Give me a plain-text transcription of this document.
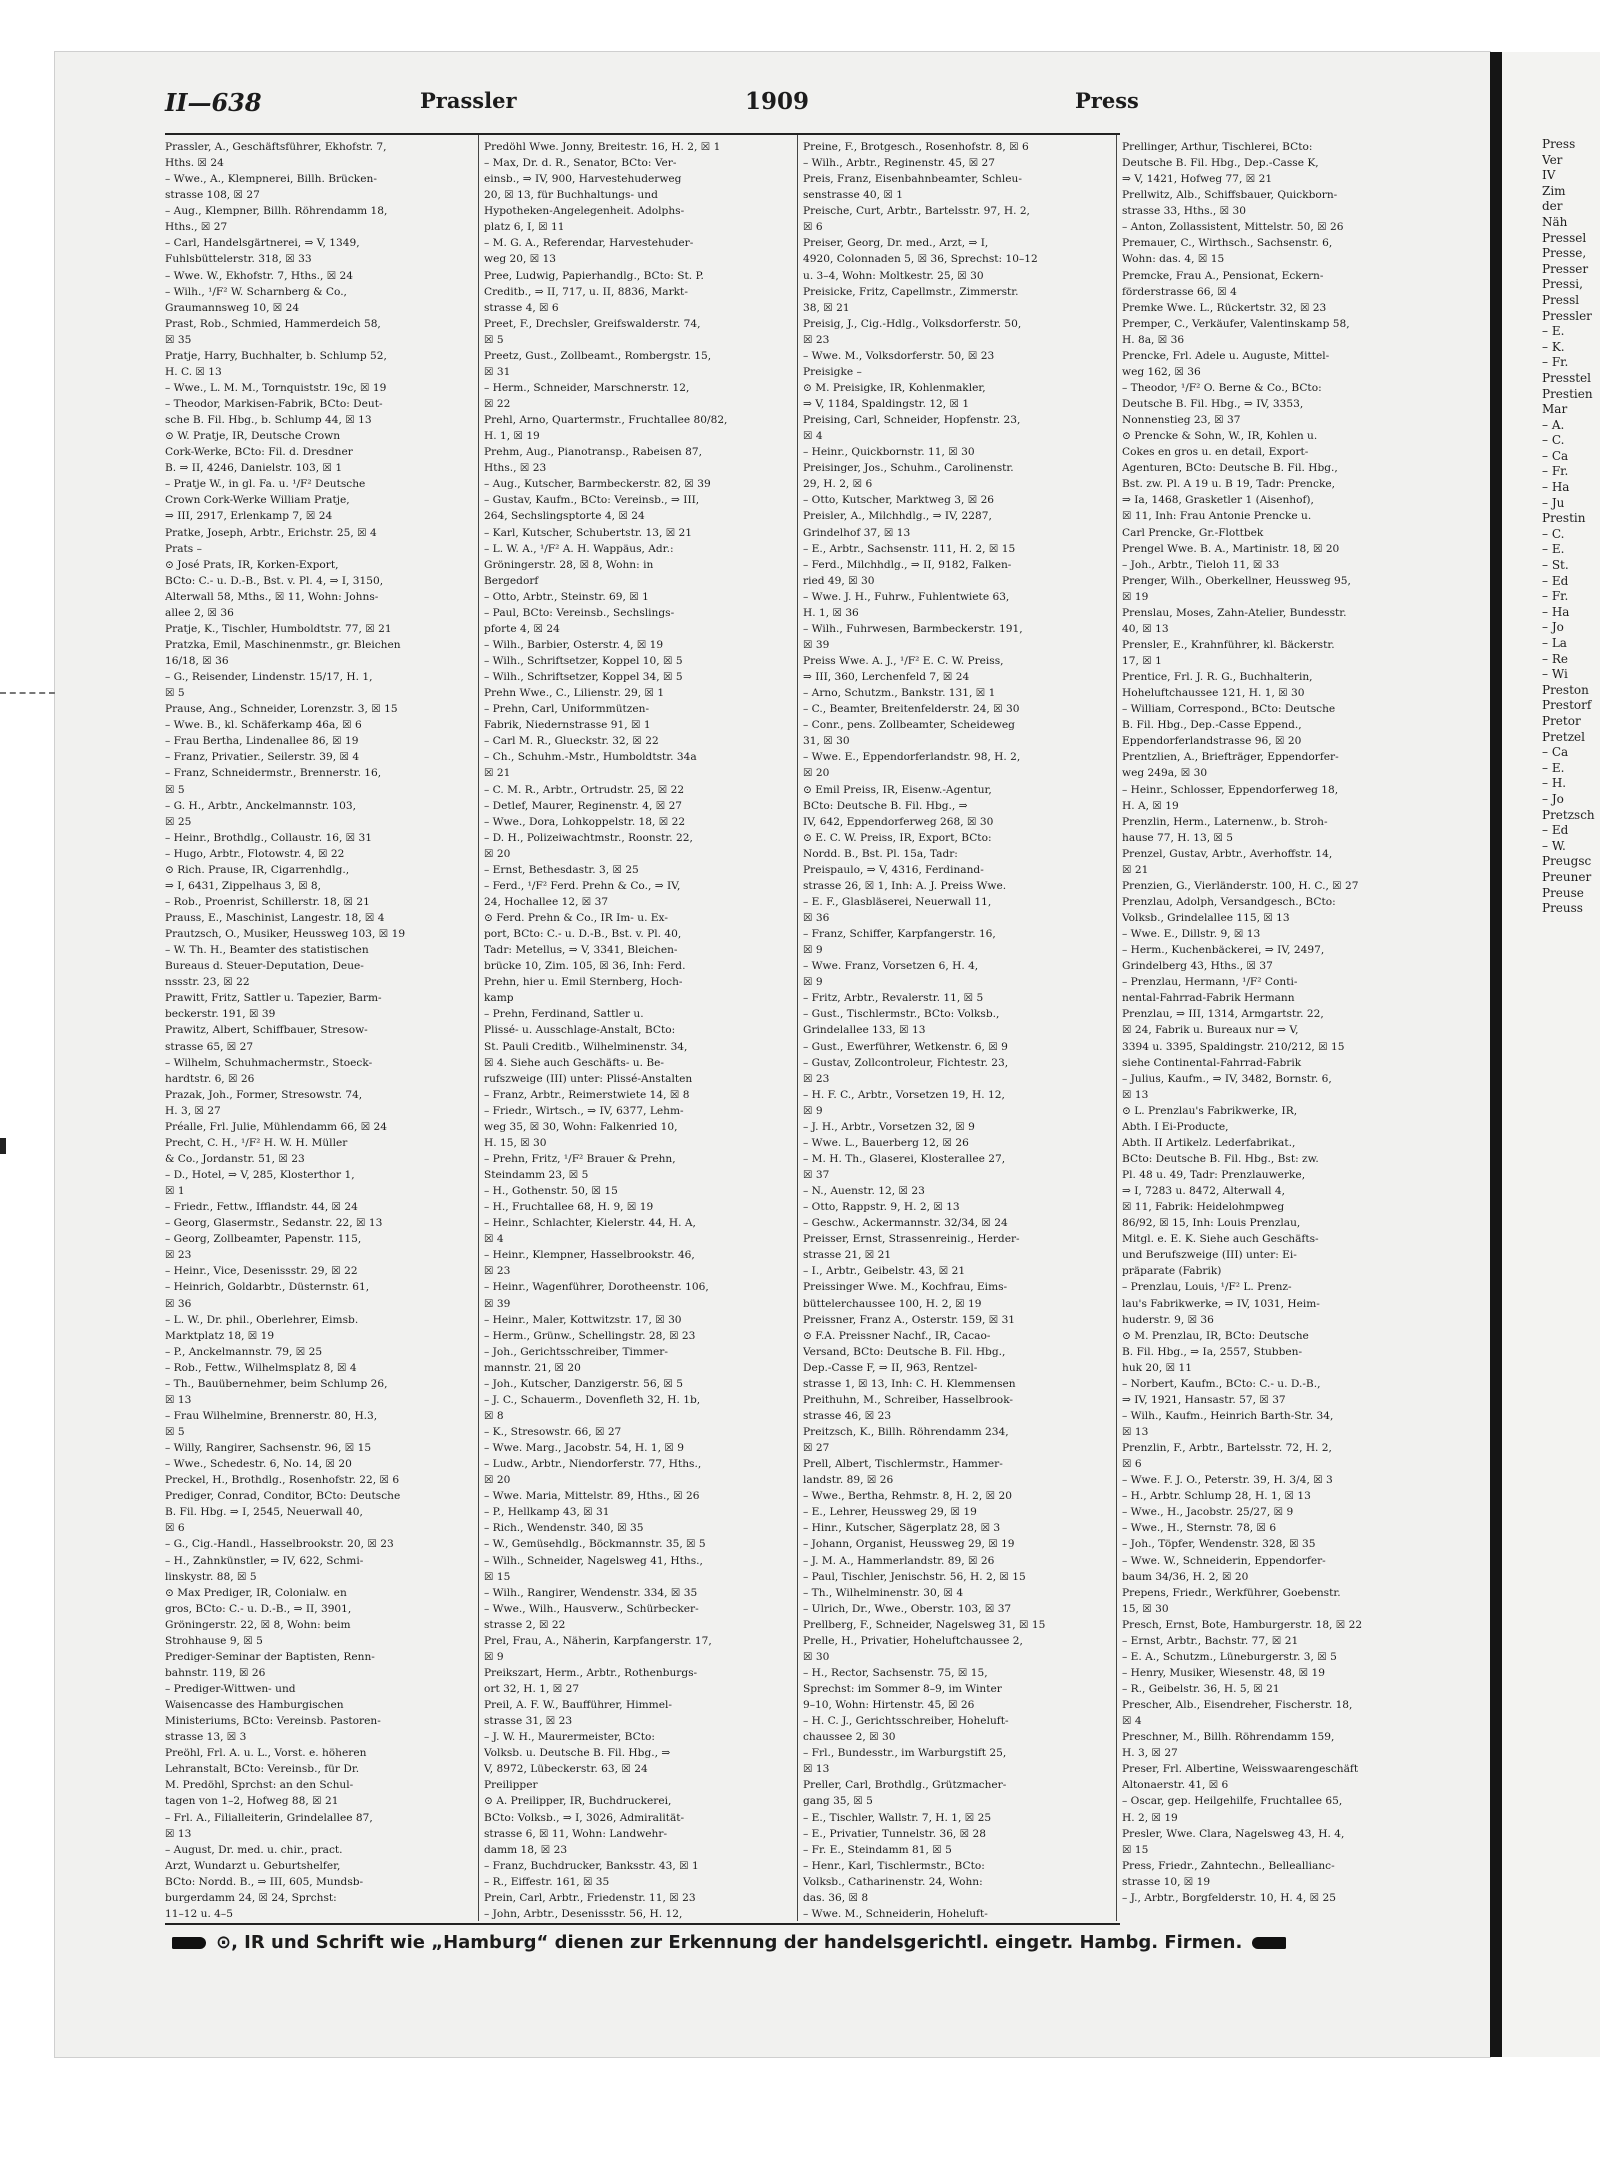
Press
Ver
IV
Zim
der
Näh
Pressel
Presse,
Presser
Pressi,
Pressl
Pressler
– E.
– K.
– Fr.
Presstel
Prestien
Mar
– A.
– C.
– Ca
– Fr.
– Ha
– Ju
Prestin
– C.
– E.
– St.
– Ed
– Fr.
– Ha
– Jo
– La
– Re
– Wi
Preston
Prestorf
Pretor
Pretzel
– Ca
– E.
– H.
– Jo
Pretzsch
– Ed
– W.
Preugsc
Preuner
Preuse
Preuss
II—638	Prassler	1909	Press
Prassler, A., Geschäftsführer, Ekhofstr. 7,
Hths. ☒ 24
– Wwe., A., Klempnerei, Billh. Brücken-
strasse 108, ☒ 27
– Aug., Klempner, Billh. Röhrendamm 18,
Hths., ☒ 27
– Carl, Handelsgärtnerei, ⇒ V, 1349,
Fuhlsbüttelerstr. 318, ☒ 33
– Wwe. W., Ekhofstr. 7, Hths., ☒ 24
– Wilh., ¹/F² W. Scharnberg & Co.,
Graumannsweg 10, ☒ 24
Prast, Rob., Schmied, Hammerdeich 58,
☒ 35
Pratje, Harry, Buchhalter, b. Schlump 52,
H. C. ☒ 13
– Wwe., L. M. M., Tornquiststr. 19c, ☒ 19
– Theodor, Markisen-Fabrik, BCto: Deut-
sche B. Fil. Hbg., b. Schlump 44, ☒ 13
⊙ W. Pratje, IR, Deutsche Crown
Cork-Werke, BCto: Fil. d. Dresdner
B. ⇒ II, 4246, Danielstr. 103, ☒ 1
– Pratje W., in gl. Fa. u. ¹/F² Deutsche
Crown Cork-Werke William Pratje,
⇒ III, 2917, Erlenkamp 7, ☒ 24
Pratke, Joseph, Arbtr., Erichstr. 25, ☒ 4
Prats –
⊙ José Prats, IR, Korken-Export,
BCto: C.- u. D.-B., Bst. v. Pl. 4, ⇒ I, 3150,
Alterwall 58, Mths., ☒ 11, Wohn: Johns-
allee 2, ☒ 36
Pratje, K., Tischler, Humboldtstr. 77, ☒ 21
Pratzka, Emil, Maschinenmstr., gr. Bleichen
16/18, ☒ 36
– G., Reisender, Lindenstr. 15/17, H. 1,
☒ 5
Prause, Ang., Schneider, Lorenzstr. 3, ☒ 15
– Wwe. B., kl. Schäferkamp 46a, ☒ 6
– Frau Bertha, Lindenallee 86, ☒ 19
– Franz, Privatier., Seilerstr. 39, ☒ 4
– Franz, Schneidermstr., Brennerstr. 16,
☒ 5
– G. H., Arbtr., Anckelmannstr. 103,
☒ 25
– Heinr., Brothdlg., Collaustr. 16, ☒ 31
– Hugo, Arbtr., Flotowstr. 4, ☒ 22
⊙ Rich. Prause, IR, Cigarrenhdlg.,
⇒ I, 6431, Zippelhaus 3, ☒ 8,
– Rob., Proenrist, Schillerstr. 18, ☒ 21
Prauss, E., Maschinist, Langestr. 18, ☒ 4
Prautzsch, O., Musiker, Heussweg 103, ☒ 19
– W. Th. H., Beamter des statistischen
Bureaus d. Steuer-Deputation, Deue-
nssstr. 23, ☒ 22
Prawitt, Fritz, Sattler u. Tapezier, Barm-
beckerstr. 191, ☒ 39
Prawitz, Albert, Schiffbauer, Stresow-
strasse 65, ☒ 27
– Wilhelm, Schuhmachermstr., Stoeck-
hardtstr. 6, ☒ 26
Prazak, Joh., Former, Stresowstr. 74,
H. 3, ☒ 27
Préalle, Frl. Julie, Mühlendamm 66, ☒ 24
Precht, C. H., ¹/F² H. W. H. Müller
& Co., Jordanstr. 51, ☒ 23
– D., Hotel, ⇒ V, 285, Klosterthor 1,
☒ 1
– Friedr., Fettw., Ifflandstr. 44, ☒ 24
– Georg, Glasermstr., Sedanstr. 22, ☒ 13
– Georg, Zollbeamter, Papenstr. 115,
☒ 23
– Heinr., Vice, Desenissstr. 29, ☒ 22
– Heinrich, Goldarbtr., Düsternstr. 61,
☒ 36
– L. W., Dr. phil., Oberlehrer, Eimsb.
Marktplatz 18, ☒ 19
– P., Anckelmannstr. 79, ☒ 25
– Rob., Fettw., Wilhelmsplatz 8, ☒ 4
– Th., Bauübernehmer, beim Schlump 26,
☒ 13
– Frau Wilhelmine, Brennerstr. 80, H.3,
☒ 5
– Willy, Rangirer, Sachsenstr. 96, ☒ 15
– Wwe., Schedestr. 6, No. 14, ☒ 20
Preckel, H., Brothdlg., Rosenhofstr. 22, ☒ 6
Prediger, Conrad, Conditor, BCto: Deutsche
B. Fil. Hbg. ⇒ I, 2545, Neuerwall 40,
☒ 6
– G., Cig.-Handl., Hasselbrookstr. 20, ☒ 23
– H., Zahnkünstler, ⇒ IV, 622, Schmi-
linskystr. 88, ☒ 5
⊙ Max Prediger, IR, Colonialw. en
gros, BCto: C.- u. D.-B., ⇒ II, 3901,
Gröningerstr. 22, ☒ 8, Wohn: beim
Strohhause 9, ☒ 5
Prediger-Seminar der Baptisten, Renn-
bahnstr. 119, ☒ 26
– Prediger-Wittwen- und
Waisencasse des Hamburgischen
Ministeriums, BCto: Vereinsb. Pastoren-
strasse 13, ☒ 3
Preöhl, Frl. A. u. L., Vorst. e. höheren
Lehranstalt, BCto: Vereinsb., für Dr.
M. Predöhl, Sprchst: an den Schul-
tagen von 1–2, Hofweg 88, ☒ 21
– Frl. A., Filialleiterin, Grindelallee 87,
☒ 13
– August, Dr. med. u. chir., pract.
Arzt, Wundarzt u. Geburtshelfer,
BCto: Nordd. B., ⇒ III, 605, Mundsb-
burgerdamm 24, ☒ 24, Sprchst:
11–12 u. 4–5
Predöhl Wwe. Jonny, Breitestr. 16, H. 2, ☒ 1
– Max, Dr. d. R., Senator, BCto: Ver-
einsb., ⇒ IV, 900, Harvestehuderweg
20, ☒ 13, für Buchhaltungs- und
Hypotheken-Angelegenheit. Adolphs-
platz 6, I, ☒ 11
– M. G. A., Referendar, Harvestehuder-
weg 20, ☒ 13
Pree, Ludwig, Papierhandlg., BCto: St. P.
Creditb., ⇒ II, 717, u. II, 8836, Markt-
strasse 4, ☒ 6
Preet, F., Drechsler, Greifswalderstr. 74,
☒ 5
Preetz, Gust., Zollbeamt., Rombergstr. 15,
☒ 31
– Herm., Schneider, Marschnerstr. 12,
☒ 22
Prehl, Arno, Quartermstr., Fruchtallee 80/82,
H. 1, ☒ 19
Prehm, Aug., Pianotransp., Rabeisen 87,
Hths., ☒ 23
– Aug., Kutscher, Barmbeckerstr. 82, ☒ 39
– Gustav, Kaufm., BCto: Vereinsb., ⇒ III,
264, Sechslingsptorte 4, ☒ 24
– Karl, Kutscher, Schubertstr. 13, ☒ 21
– L. W. A., ¹/F² A. H. Wappäus, Adr.:
Gröningerstr. 28, ☒ 8, Wohn: in
Bergedorf
– Otto, Arbtr., Steinstr. 69, ☒ 1
– Paul, BCto: Vereinsb., Sechslings-
pforte 4, ☒ 24
– Wilh., Barbier, Osterstr. 4, ☒ 19
– Wilh., Schriftsetzer, Koppel 10, ☒ 5
– Wilh., Schriftsetzer, Koppel 34, ☒ 5
Prehn Wwe., C., Lilienstr. 29, ☒ 1
– Prehn, Carl, Uniformmützen-
Fabrik, Niedernstrasse 91, ☒ 1
– Carl M. R., Glueckstr. 32, ☒ 22
– Ch., Schuhm.-Mstr., Humboldtstr. 34a
☒ 21
– C. M. R., Arbtr., Ortrudstr. 25, ☒ 22
– Detlef, Maurer, Reginenstr. 4, ☒ 27
– Wwe., Dora, Lohkoppelstr. 18, ☒ 22
– D. H., Polizeiwachtmstr., Roonstr. 22,
☒ 20
– Ernst, Bethesdastr. 3, ☒ 25
– Ferd., ¹/F² Ferd. Prehn & Co., ⇒ IV,
24, Hochallee 12, ☒ 37
⊙ Ferd. Prehn & Co., IR Im- u. Ex-
port, BCto: C.- u. D.-B., Bst. v. Pl. 40,
Tadr: Metellus, ⇒ V, 3341, Bleichen-
brücke 10, Zim. 105, ☒ 36, Inh: Ferd.
Prehn, hier u. Emil Sternberg, Hoch-
kamp
– Prehn, Ferdinand, Sattler u.
Plissé- u. Ausschlage-Anstalt, BCto:
St. Pauli Creditb., Wilhelminenstr. 34,
☒ 4. Siehe auch Geschäfts- u. Be-
rufszweige (III) unter: Plissé-Anstalten
– Franz, Arbtr., Reimerstwiete 14, ☒ 8
– Friedr., Wirtsch., ⇒ IV, 6377, Lehm-
weg 35, ☒ 30, Wohn: Falkenried 10,
H. 15, ☒ 30
– Prehn, Fritz, ¹/F² Brauer & Prehn,
Steindamm 23, ☒ 5
– H., Gothenstr. 50, ☒ 15
– H., Fruchtallee 68, H. 9, ☒ 19
– Heinr., Schlachter, Kielerstr. 44, H. A,
☒ 4
– Heinr., Klempner, Hasselbrookstr. 46,
☒ 23
– Heinr., Wagenführer, Dorotheenstr. 106,
☒ 39
– Heinr., Maler, Kottwitzstr. 17, ☒ 30
– Herm., Grünw., Schellingstr. 28, ☒ 23
– Joh., Gerichtsschreiber, Timmer-
mannstr. 21, ☒ 20
– Joh., Kutscher, Danzigerstr. 56, ☒ 5
– J. C., Schauerm., Dovenfleth 32, H. 1b,
☒ 8
– K., Stresowstr. 66, ☒ 27
– Wwe. Marg., Jacobstr. 54, H. 1, ☒ 9
– Ludw., Arbtr., Niendorferstr. 77, Hths.,
☒ 20
– Wwe. Maria, Mittelstr. 89, Hths., ☒ 26
– P., Hellkamp 43, ☒ 31
– Rich., Wendenstr. 340, ☒ 35
– W., Gemüsehdlg., Böckmannstr. 35, ☒ 5
– Wilh., Schneider, Nagelsweg 41, Hths.,
☒ 15
– Wilh., Rangirer, Wendenstr. 334, ☒ 35
– Wwe., Wilh., Hausverw., Schürbecker-
strasse 2, ☒ 22
Prel, Frau, A., Näherin, Karpfangerstr. 17,
☒ 9
Preikszart, Herm., Arbtr., Rothenburgs-
ort 32, H. 1, ☒ 27
Preil, A. F. W., Baufführer, Himmel-
strasse 31, ☒ 23
– J. W. H., Maurermeister, BCto:
Volksb. u. Deutsche B. Fil. Hbg., ⇒
V, 8972, Lübeckerstr. 63, ☒ 24
Preilipper
⊙ A. Preilipper, IR, Buchdruckerei,
BCto: Volksb., ⇒ I, 3026, Admiralität-
strasse 6, ☒ 11, Wohn: Landwehr-
damm 18, ☒ 23
– Franz, Buchdrucker, Banksstr. 43, ☒ 1
– R., Eiffestr. 161, ☒ 35
Prein, Carl, Arbtr., Friedenstr. 11, ☒ 23
– John, Arbtr., Desenissstr. 56, H. 12,
Preine, F., Brotgesch., Rosenhofstr. 8, ☒ 6
– Wilh., Arbtr., Reginenstr. 45, ☒ 27
Preis, Franz, Eisenbahnbeamter, Schleu-
senstrasse 40, ☒ 1
Preische, Curt, Arbtr., Bartelsstr. 97, H. 2,
☒ 6
Preiser, Georg, Dr. med., Arzt, ⇒ I,
4920, Colonnaden 5, ☒ 36, Sprechst: 10–12
u. 3–4, Wohn: Moltkestr. 25, ☒ 30
Preisicke, Fritz, Capellmstr., Zimmerstr.
38, ☒ 21
Preisig, J., Cig.-Hdlg., Volksdorferstr. 50,
☒ 23
– Wwe. M., Volksdorferstr. 50, ☒ 23
Preisigke –
⊙ M. Preisigke, IR, Kohlenmakler,
⇒ V, 1184, Spaldingstr. 12, ☒ 1
Preising, Carl, Schneider, Hopfenstr. 23,
☒ 4
– Heinr., Quickbornstr. 11, ☒ 30
Preisinger, Jos., Schuhm., Carolinenstr.
29, H. 2, ☒ 6
– Otto, Kutscher, Marktweg 3, ☒ 26
Preisler, A., Milchhdlg., ⇒ IV, 2287,
Grindelhof 37, ☒ 13
– E., Arbtr., Sachsenstr. 111, H. 2, ☒ 15
– Ferd., Milchhdlg., ⇒ II, 9182, Falken-
ried 49, ☒ 30
– Wwe. J. H., Fuhrw., Fuhlentwiete 63,
H. 1, ☒ 36
– Wilh., Fuhrwesen, Barmbeckerstr. 191,
☒ 39
Preiss Wwe. A. J., ¹/F² E. C. W. Preiss,
⇒ III, 360, Lerchenfeld 7, ☒ 24
– Arno, Schutzm., Bankstr. 131, ☒ 1
– C., Beamter, Breitenfelderstr. 24, ☒ 30
– Conr., pens. Zollbeamter, Scheideweg
31, ☒ 30
– Wwe. E., Eppendorferlandstr. 98, H. 2,
☒ 20
⊙ Emil Preiss, IR, Eisenw.-Agentur,
BCto: Deutsche B. Fil. Hbg., ⇒
IV, 642, Eppendorferweg 268, ☒ 30
⊙ E. C. W. Preiss, IR, Export, BCto:
Nordd. B., Bst. Pl. 15a, Tadr:
Preispaulo, ⇒ V, 4316, Ferdinand-
strasse 26, ☒ 1, Inh: A. J. Preiss Wwe.
– E. F., Glasbläserei, Neuerwall 11,
☒ 36
– Franz, Schiffer, Karpfangerstr. 16,
☒ 9
– Wwe. Franz, Vorsetzen 6, H. 4,
☒ 9
– Fritz, Arbtr., Revalerstr. 11, ☒ 5
– Gust., Tischlermstr., BCto: Volksb.,
Grindelallee 133, ☒ 13
– Gust., Ewerführer, Wetkenstr. 6, ☒ 9
– Gustav, Zollcontroleur, Fichtestr. 23,
☒ 23
– H. F. C., Arbtr., Vorsetzen 19, H. 12,
☒ 9
– J. H., Arbtr., Vorsetzen 32, ☒ 9
– Wwe. L., Bauerberg 12, ☒ 26
– M. H. Th., Glaserei, Klosterallee 27,
☒ 37
– N., Auenstr. 12, ☒ 23
– Otto, Rappstr. 9, H. 2, ☒ 13
– Geschw., Ackermannstr. 32/34, ☒ 24
Preisser, Ernst, Strassenreinig., Herder-
strasse 21, ☒ 21
– I., Arbtr., Geibelstr. 43, ☒ 21
Preissinger Wwe. M., Kochfrau, Eims-
büttelerchaussee 100, H. 2, ☒ 19
Preissner, Franz A., Osterstr. 159, ☒ 31
⊙ F.A. Preissner Nachf., IR, Cacao-
Versand, BCto: Deutsche B. Fil. Hbg.,
Dep.-Casse F, ⇒ II, 963, Rentzel-
strasse 1, ☒ 13, Inh: C. H. Klemmensen
Preithuhn, M., Schreiber, Hasselbrook-
strasse 46, ☒ 23
Preitzsch, K., Billh. Röhrendamm 234,
☒ 27
Prell, Albert, Tischlermstr., Hammer-
landstr. 89, ☒ 26
– Wwe., Bertha, Rehmstr. 8, H. 2, ☒ 20
– E., Lehrer, Heussweg 29, ☒ 19
– Hinr., Kutscher, Sägerplatz 28, ☒ 3
– Johann, Organist, Heussweg 29, ☒ 19
– J. M. A., Hammerlandstr. 89, ☒ 26
– Paul, Tischler, Jenischstr. 56, H. 2, ☒ 15
– Th., Wilhelminenstr. 30, ☒ 4
– Ulrich, Dr., Wwe., Oberstr. 103, ☒ 37
Prellberg, F., Schneider, Nagelsweg 31, ☒ 15
Prelle, H., Privatier, Hoheluftchaussee 2,
☒ 30
– H., Rector, Sachsenstr. 75, ☒ 15,
Sprechst: im Sommer 8–9, im Winter
9–10, Wohn: Hirtenstr. 45, ☒ 26
– H. C. J., Gerichtsschreiber, Hoheluft-
chaussee 2, ☒ 30
– Frl., Bundesstr., im Warburgstift 25,
☒ 13
Preller, Carl, Brothdlg., Grützmacher-
gang 35, ☒ 5
– E., Tischler, Wallstr. 7, H. 1, ☒ 25
– E., Privatier, Tunnelstr. 36, ☒ 28
– Fr. E., Steindamm 81, ☒ 5
– Henr., Karl, Tischlermstr., BCto:
Volksb., Catharinenstr. 24, Wohn:
das. 36, ☒ 8
– Wwe. M., Schneiderin, Hoheluft-
Prellinger, Arthur, Tischlerei, BCto:
Deutsche B. Fil. Hbg., Dep.-Casse K,
⇒ V, 1421, Hofweg 77, ☒ 21
Prellwitz, Alb., Schiffsbauer, Quickborn-
strasse 33, Hths., ☒ 30
– Anton, Zollassistent, Mittelstr. 50, ☒ 26
Premauer, C., Wirthsch., Sachsenstr. 6,
Wohn: das. 4, ☒ 15
Premcke, Frau A., Pensionat, Eckern-
förderstrasse 66, ☒ 4
Premke Wwe. L., Rückertstr. 32, ☒ 23
Premper, C., Verkäufer, Valentinskamp 58,
H. 8a, ☒ 36
Prencke, Frl. Adele u. Auguste, Mittel-
weg 162, ☒ 36
– Theodor, ¹/F² O. Berne & Co., BCto:
Deutsche B. Fil. Hbg., ⇒ IV, 3353,
Nonnenstieg 23, ☒ 37
⊙ Prencke & Sohn, W., IR, Kohlen u.
Cokes en gros u. en detail, Export-
Agenturen, BCto: Deutsche B. Fil. Hbg.,
Bst. zw. Pl. A 19 u. B 19, Tadr: Prencke,
⇒ Ia, 1468, Grasketler 1 (Aisenhof),
☒ 11, Inh: Frau Antonie Prencke u.
Carl Prencke, Gr.-Flottbek
Prengel Wwe. B. A., Martinistr. 18, ☒ 20
– Joh., Arbtr., Tieloh 11, ☒ 33
Prenger, Wilh., Oberkellner, Heussweg 95,
☒ 19
Prenslau, Moses, Zahn-Atelier, Bundesstr.
40, ☒ 13
Prensler, E., Krahnführer, kl. Bäckerstr.
17, ☒ 1
Prentice, Frl. J. R. G., Buchhalterin,
Hoheluftchaussee 121, H. 1, ☒ 30
– William, Correspond., BCto: Deutsche
B. Fil. Hbg., Dep.-Casse Eppend.,
Eppendorferlandstrasse 96, ☒ 20
Prentzlien, A., Briefträger, Eppendorfer-
weg 249a, ☒ 30
– Heinr., Schlosser, Eppendorferweg 18,
H. A, ☒ 19
Prenzlin, Herm., Laternenw., b. Stroh-
hause 77, H. 13, ☒ 5
Prenzel, Gustav, Arbtr., Averhoffstr. 14,
☒ 21
Prenzien, G., Vierländerstr. 100, H. C., ☒ 27
Prenzlau, Adolph, Versandgesch., BCto:
Volksb., Grindelallee 115, ☒ 13
– Wwe. E., Dillstr. 9, ☒ 13
– Herm., Kuchenbäckerei, ⇒ IV, 2497,
Grindelberg 43, Hths., ☒ 37
– Prenzlau, Hermann, ¹/F² Conti-
nental-Fahrrad-Fabrik Hermann
Prenzlau, ⇒ III, 1314, Armgartstr. 22,
☒ 24, Fabrik u. Bureaux nur ⇒ V,
3394 u. 3395, Spaldingstr. 210/212, ☒ 15
siehe Continental-Fahrrad-Fabrik
– Julius, Kaufm., ⇒ IV, 3482, Bornstr. 6,
☒ 13
⊙ L. Prenzlau's Fabrikwerke, IR,
Abth. I Ei-Producte,
Abth. II Artikelz. Lederfabrikat.,
BCto: Deutsche B. Fil. Hbg., Bst: zw.
Pl. 48 u. 49, Tadr: Prenzlauwerke,
⇒ I, 7283 u. 8472, Alterwall 4,
☒ 11, Fabrik: Heidelohmpweg
86/92, ☒ 15, Inh: Louis Prenzlau,
Mitgl. e. E. K. Siehe auch Geschäfts-
und Berufszweige (III) unter: Ei-
präparate (Fabrik)
– Prenzlau, Louis, ¹/F² L. Prenz-
lau's Fabrikwerke, ⇒ IV, 1031, Heim-
huderstr. 9, ☒ 36
⊙ M. Prenzlau, IR, BCto: Deutsche
B. Fil. Hbg., ⇒ Ia, 2557, Stubben-
huk 20, ☒ 11
– Norbert, Kaufm., BCto: C.- u. D.-B.,
⇒ IV, 1921, Hansastr. 57, ☒ 37
– Wilh., Kaufm., Heinrich Barth-Str. 34,
☒ 13
Prenzlin, F., Arbtr., Bartelsstr. 72, H. 2,
☒ 6
– Wwe. F. J. O., Peterstr. 39, H. 3/4, ☒ 3
– H., Arbtr. Schlump 28, H. 1, ☒ 13
– Wwe., H., Jacobstr. 25/27, ☒ 9
– Wwe., H., Sternstr. 78, ☒ 6
– Joh., Töpfer, Wendenstr. 328, ☒ 35
– Wwe. W., Schneiderin, Eppendorfer-
baum 34/36, H. 2, ☒ 20
Prepens, Friedr., Werkführer, Goebenstr.
15, ☒ 30
Presch, Ernst, Bote, Hamburgerstr. 18, ☒ 22
– Ernst, Arbtr., Bachstr. 77, ☒ 21
– E. A., Schutzm., Lüneburgerstr. 3, ☒ 5
– Henry, Musiker, Wiesenstr. 48, ☒ 19
– R., Geibelstr. 36, H. 5, ☒ 21
Prescher, Alb., Eisendreher, Fischerstr. 18,
☒ 4
Preschner, M., Billh. Röhrendamm 159,
H. 3, ☒ 27
Preser, Frl. Albertine, Weisswaarengeschäft
Altonaerstr. 41, ☒ 6
– Oscar, gep. Heilgehilfe, Fruchtallee 65,
H. 2, ☒ 19
Presler, Wwe. Clara, Nagelsweg 43, H. 4,
☒ 15
Press, Friedr., Zahntechn., Belleallianc-
strasse 10, ☒ 19
– J., Arbtr., Borgfelderstr. 10, H. 4, ☒ 25
⊙, IR und Schrift wie „Hamburg“ dienen zur Erkennung der handelsgerichtl. eingetr. Hambg. Firmen.
